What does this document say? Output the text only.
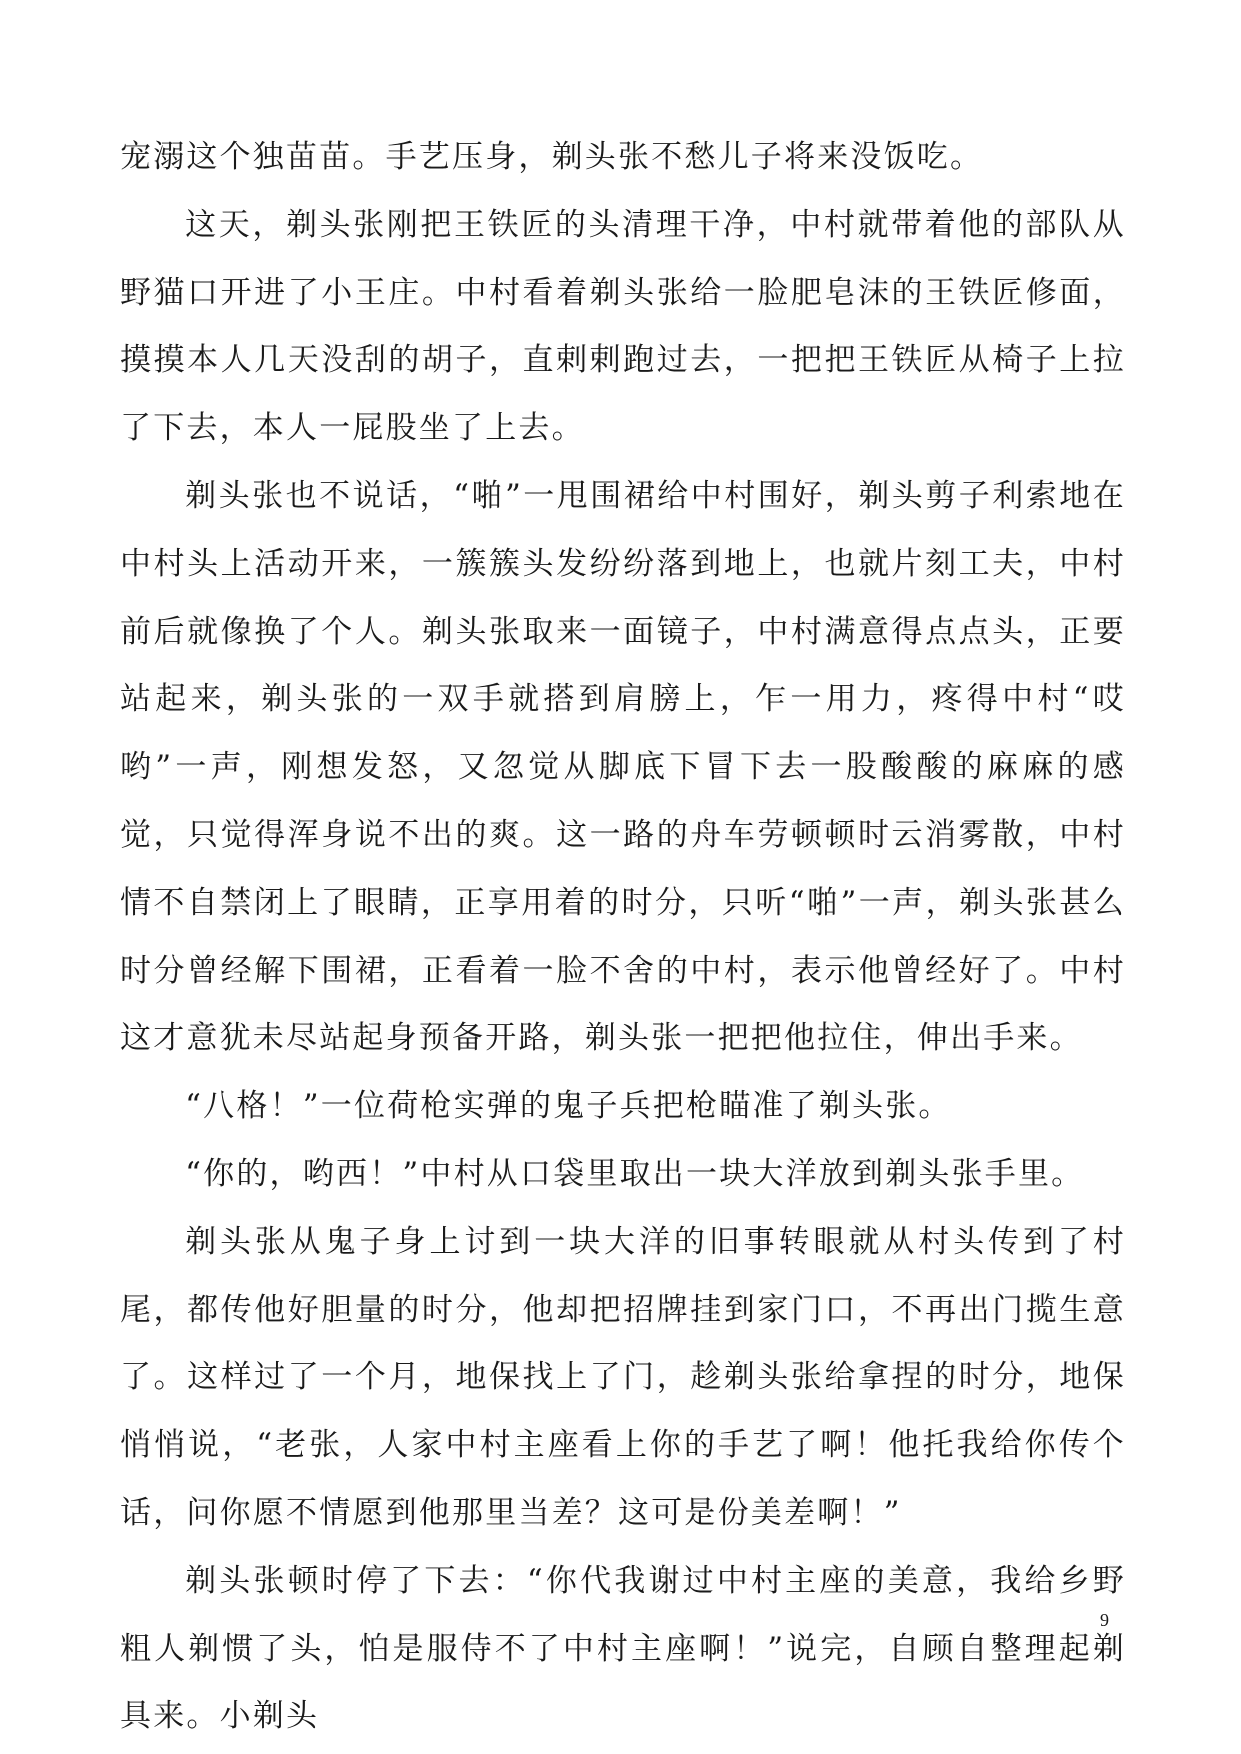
宠溺这个独苗苗。手艺压身，剃头张不愁儿子将来没饭吃。

这天，剃头张刚把王铁匠的头清理干净，中村就带着他的部队从野猫口开进了小王庄。中村看着剃头张给一脸肥皂沫的王铁匠修面，摸摸本人几天没刮的胡子，直剌剌跑过去，一把把王铁匠从椅子上拉了下去，本人一屁股坐了上去。

剃头张也不说话，“啪”一甩围裙给中村围好，剃头剪子利索地在中村头上活动开来，一簇簇头发纷纷落到地上，也就片刻工夫，中村前后就像换了个人。剃头张取来一面镜子，中村满意得点点头，正要站起来，剃头张的一双手就搭到肩膀上，乍一用力，疼得中村“哎哟”一声，刚想发怒，又忽觉从脚底下冒下去一股酸酸的麻麻的感觉，只觉得浑身说不出的爽。这一路的舟车劳顿顿时云消雾散，中村情不自禁闭上了眼睛，正享用着的时分，只听“啪”一声，剃头张甚么时分曾经解下围裙，正看着一脸不舍的中村，表示他曾经好了。中村这才意犹未尽站起身预备开路，剃头张一把把他拉住，伸出手来。

“八格！”一位荷枪实弹的鬼子兵把枪瞄准了剃头张。

“你的，哟西！”中村从口袋里取出一块大洋放到剃头张手里。

剃头张从鬼子身上讨到一块大洋的旧事转眼就从村头传到了村尾，都传他好胆量的时分，他却把招牌挂到家门口，不再出门揽生意了。这样过了一个月，地保找上了门，趁剃头张给拿捏的时分，地保悄悄说，“老张，人家中村主座看上你的手艺了啊！他托我给你传个话，问你愿不情愿到他那里当差？这可是份美差啊！”

剃头张顿时停了下去：“你代我谢过中村主座的美意，我给乡野粗人剃惯了头，怕是服侍不了中村主座啊！”说完，自顾自整理起剃具来。小剃头

9
